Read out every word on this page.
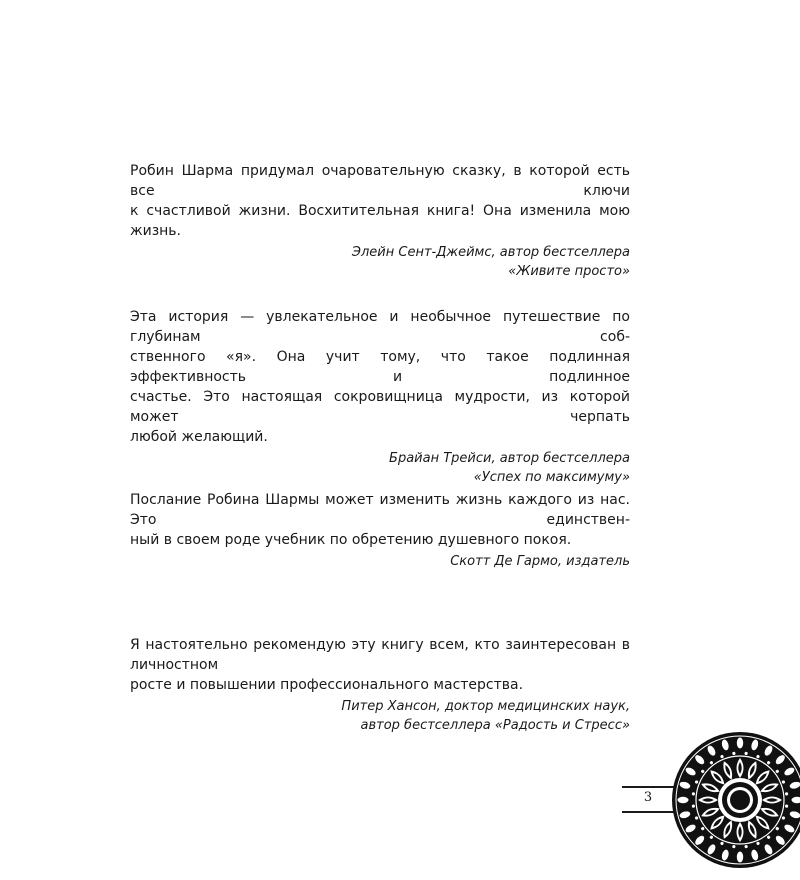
Робин Шарма придумал очаровательную сказку, в которой есть все ключи
к счастливой жизни. Восхитительная книга! Она изменила мою жизнь.

Элейн Сент-Джеймс, автор бестселлера
«Живите просто»

Эта история — увлекательное и необычное путешествие по глубинам соб-
ственного «я». Она учит тому, что такое подлинная эффективность и подлинное
счастье. Это настоящая сокровищница мудрости, из которой может черпать
любой желающий.

Брайан Трейси, автор бестселлера
«Успех по максимуму»

Послание Робина Шармы может изменить жизнь каждого из нас. Это единствен-
ный в своем роде учебник по обретению душевного покоя.

Скотт Де Гармо, издатель

Я настоятельно рекомендую эту книгу всем, кто заинтересован в личностном
росте и повышении профессионального мастерства.

Питер Хансон, доктор медицинских наук,
автор бестселлера «Радость и Стресс»
3
